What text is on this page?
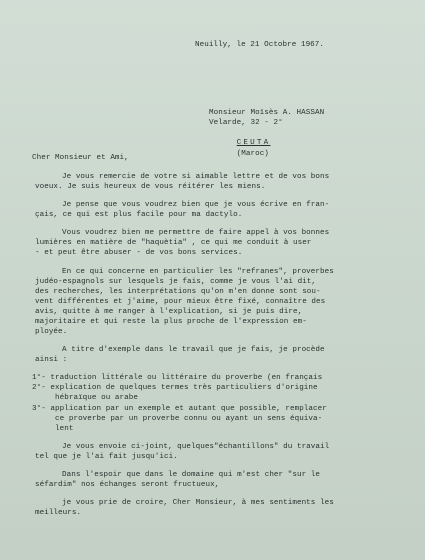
Neuilly, le 21 Octobre 1967.
Monsieur Moïsès A. HASSAN
Velarde, 32 - 2°

CEUTA
(Maroc)

Cher Monsieur et Ami,
Je vous remercie de votre si aimable lettre et de vos bons
voeux. Je suis heureux de vous réitérer les miens.
Je pense que vous voudrez bien que je vous écrive en fran-
çais, ce qui est plus facile pour ma dactylo.
Vous voudrez bien me permettre de faire appel à vos bonnes
lumières en matière de "haquètia" , ce qui me conduit à user
- et peut être abuser - de vos bons services.
En ce qui concerne en particulier les "refranes", proverbes
judéo-espagnols sur lesquels je fais, comme je vous l'ai dit,
des recherches, les interprétations qu'on m'en donne sont sou-
vent différentes et j'aime, pour mieux être fixé, connaître des
avis, quitte à me ranger à l'explication, si je puis dire,
majoritaire et qui reste la plus proche de l'expression em-
ployée.
A titre d'exemple dans le travail que je fais, je procède
ainsi :
1°- traduction littérale ou littéraire du proverbe (en français
2°- explication de quelques termes très particuliers d'origine
hébraïque ou arabe
3°- application par un exemple et autant que possible, remplacer
ce proverbe par un proverbe connu ou ayant un sens équiva-
lent
Je vous envoie ci-joint, quelques"échantillons" du travail
tel que je l'ai fait jusqu'ici.
Dans l'espoir que dans le domaine qui m'est cher "sur le
séfardim" nos échanges seront fructueux,
je vous prie de croire, Cher Monsieur, à mes sentiments les
meilleurs.
